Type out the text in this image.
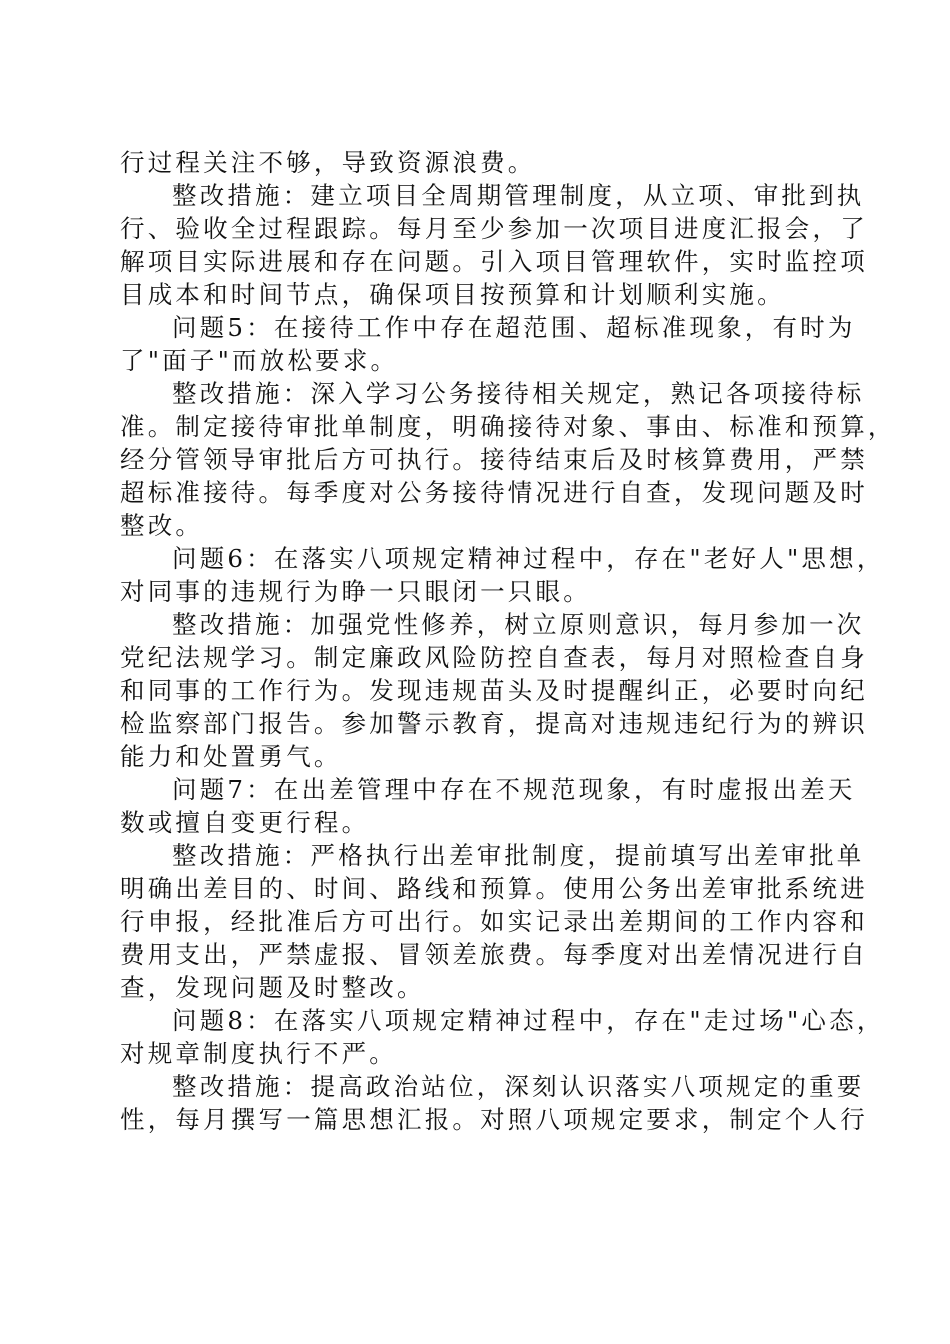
行过程关注不够，导致资源浪费。
整改措施：建立项目全周期管理制度，从立项、审批到执
行、验收全过程跟踪。每月至少参加一次项目进度汇报会，了
解项目实际进展和存在问题。引入项目管理软件，实时监控项
目成本和时间节点，确保项目按预算和计划顺利实施。
问题5：在接待工作中存在超范围、超标准现象，有时为
了"面子"而放松要求。
整改措施：深入学习公务接待相关规定，熟记各项接待标
准。制定接待审批单制度，明确接待对象、事由、标准和预算，
经分管领导审批后方可执行。接待结束后及时核算费用，严禁
超标准接待。每季度对公务接待情况进行自查，发现问题及时
整改。
问题6：在落实八项规定精神过程中，存在"老好人"思想，
对同事的违规行为睁一只眼闭一只眼。
整改措施：加强党性修养，树立原则意识，每月参加一次
党纪法规学习。制定廉政风险防控自查表，每月对照检查自身
和同事的工作行为。发现违规苗头及时提醒纠正，必要时向纪
检监察部门报告。参加警示教育，提高对违规违纪行为的辨识
能力和处置勇气。
问题7：在出差管理中存在不规范现象，有时虚报出差天
数或擅自变更行程。
整改措施：严格执行出差审批制度，提前填写出差审批单
明确出差目的、时间、路线和预算。使用公务出差审批系统进
行申报，经批准后方可出行。如实记录出差期间的工作内容和
费用支出，严禁虚报、冒领差旅费。每季度对出差情况进行自
查，发现问题及时整改。
问题8：在落实八项规定精神过程中，存在"走过场"心态，
对规章制度执行不严。
整改措施：提高政治站位，深刻认识落实八项规定的重要
性，每月撰写一篇思想汇报。对照八项规定要求，制定个人行
